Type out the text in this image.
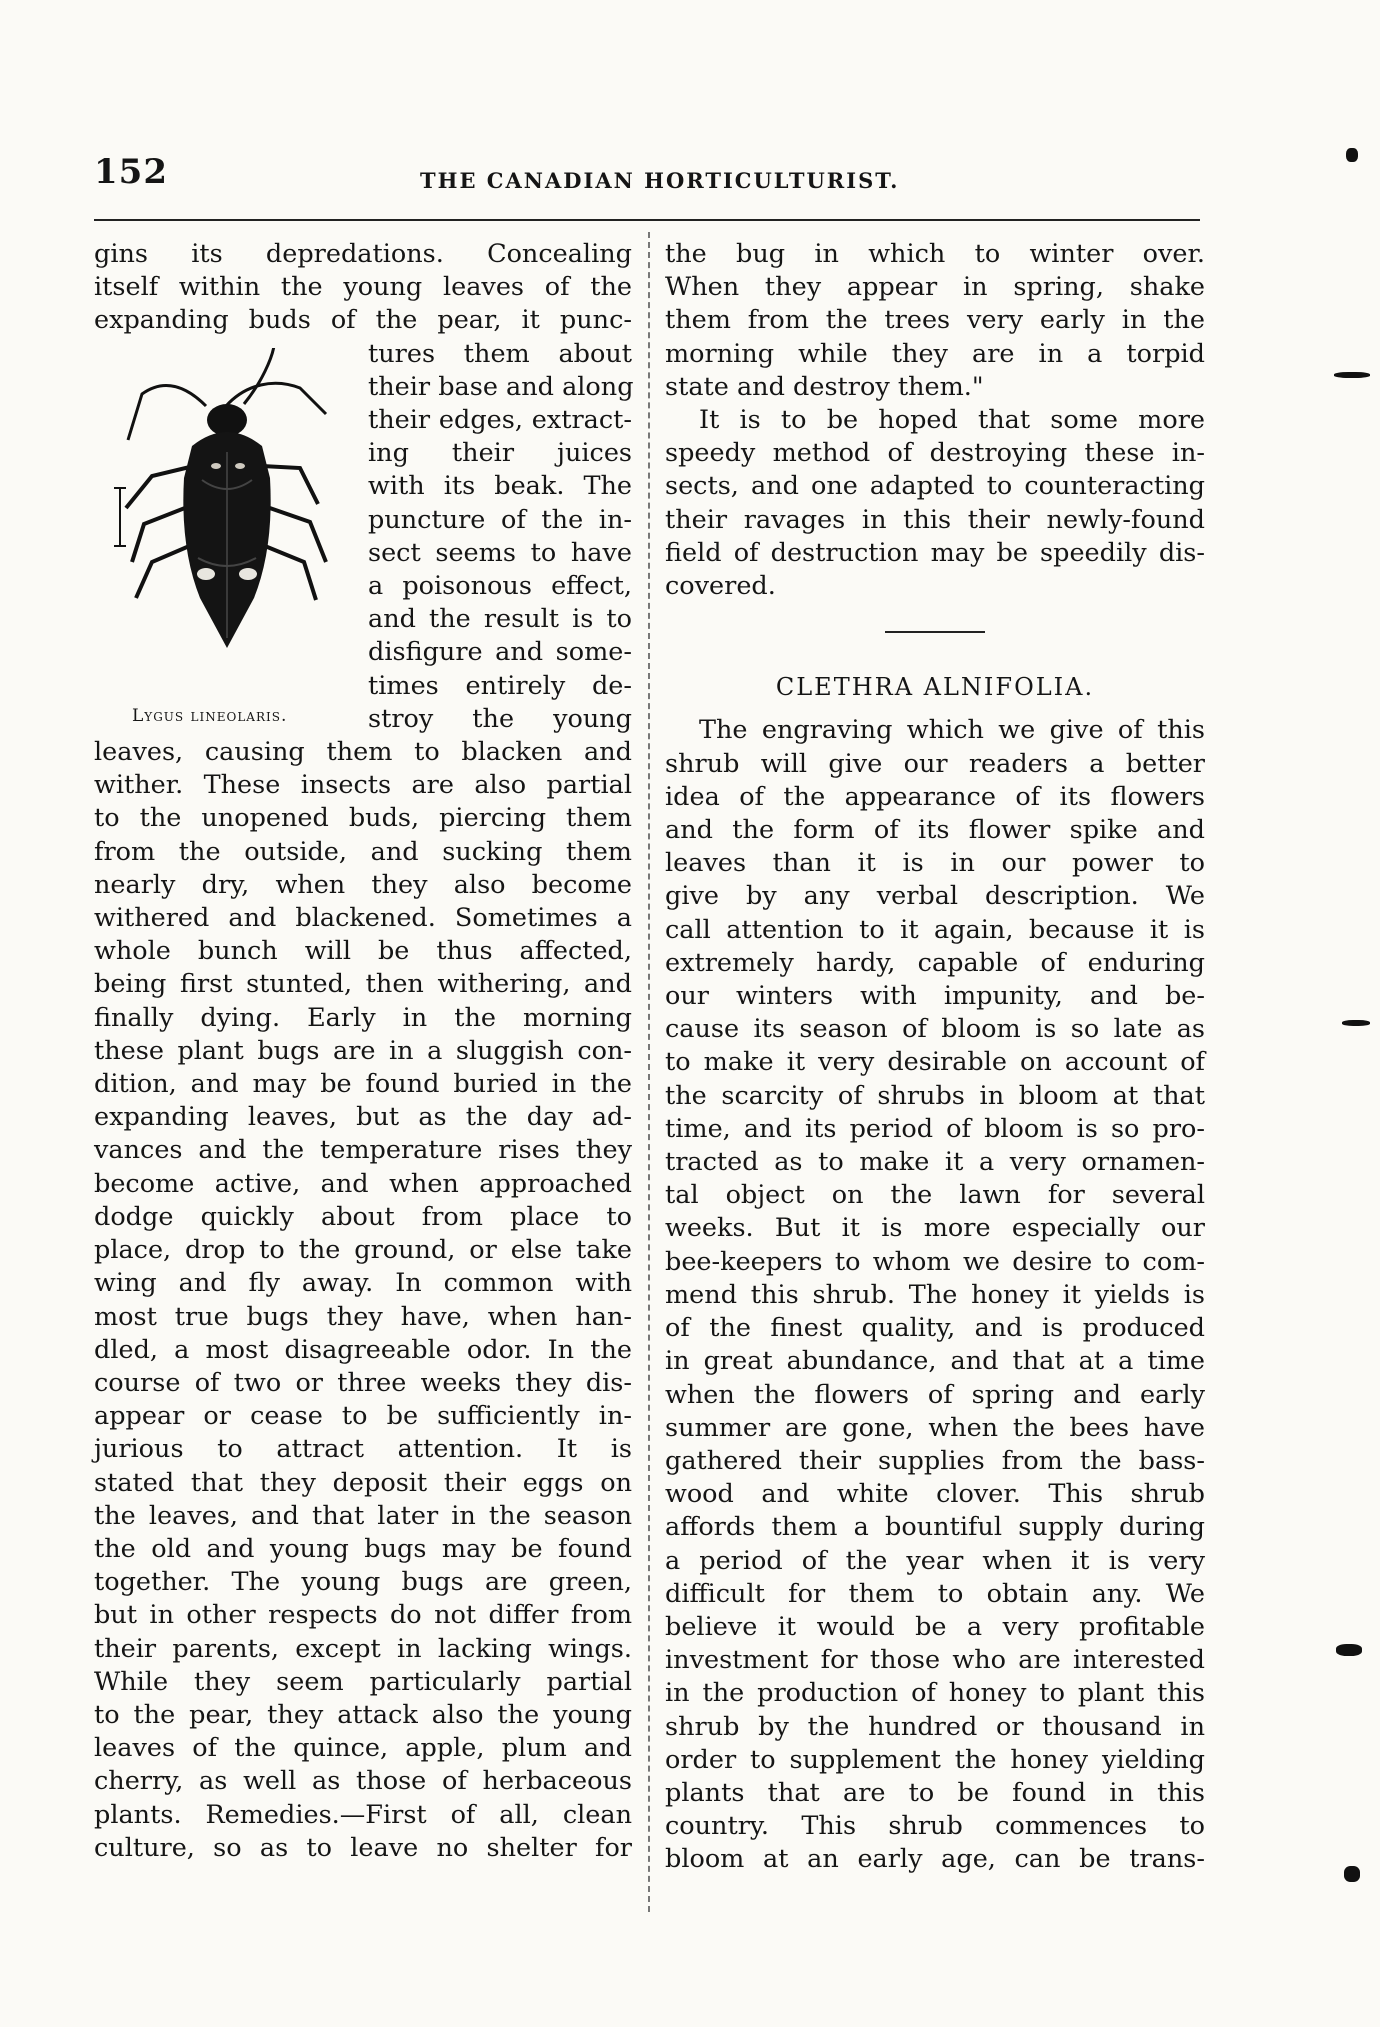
152	THE CANADIAN HORTICULTURIST.
gins its depredations. Concealing
itself within the young leaves of the
expanding buds of the pear, it punc-
tures them about
their base and along
their edges, extract-
ing their juices
with its beak. The
puncture of the in-
sect seems to have
a poisonous effect,
and the result is to
disfigure and some-
times entirely de-
stroy the young
leaves, causing them to blacken and
wither. These insects are also partial
to the unopened buds, piercing them
from the outside, and sucking them
nearly dry, when they also become
withered and blackened. Sometimes a
whole bunch will be thus affected,
being first stunted, then withering, and
finally dying. Early in the morning
these plant bugs are in a sluggish con-
dition, and may be found buried in the
expanding leaves, but as the day ad-
vances and the temperature rises they
become active, and when approached
dodge quickly about from place to
place, drop to the ground, or else take
wing and fly away. In common with
most true bugs they have, when han-
dled, a most disagreeable odor. In the
course of two or three weeks they dis-
appear or cease to be sufficiently in-
jurious to attract attention. It is
stated that they deposit their eggs on
the leaves, and that later in the season
the old and young bugs may be found
together. The young bugs are green,
but in other respects do not differ from
their parents, except in lacking wings.
While they seem particularly partial
to the pear, they attack also the young
leaves of the quince, apple, plum and
cherry, as well as those of herbaceous
plants. Remedies.—First of all, clean
culture, so as to leave no shelter for
Lygus lineolaris.
the bug in which to winter over.
When they appear in spring, shake
them from the trees very early in the
morning while they are in a torpid
state and destroy them."
It is to be hoped that some more
speedy method of destroying these in-
sects, and one adapted to counteracting
their ravages in this their newly-found
field of destruction may be speedily dis-
covered.
CLETHRA ALNIFOLIA.
The engraving which we give of this
shrub will give our readers a better
idea of the appearance of its flowers
and the form of its flower spike and
leaves than it is in our power to
give by any verbal description. We
call attention to it again, because it is
extremely hardy, capable of enduring
our winters with impunity, and be-
cause its season of bloom is so late as
to make it very desirable on account of
the scarcity of shrubs in bloom at that
time, and its period of bloom is so pro-
tracted as to make it a very ornamen-
tal object on the lawn for several
weeks. But it is more especially our
bee-keepers to whom we desire to com-
mend this shrub. The honey it yields is
of the finest quality, and is produced
in great abundance, and that at a time
when the flowers of spring and early
summer are gone, when the bees have
gathered their supplies from the bass-
wood and white clover. This shrub
affords them a bountiful supply during
a period of the year when it is very
difficult for them to obtain any. We
believe it would be a very profitable
investment for those who are interested
in the production of honey to plant this
shrub by the hundred or thousand in
order to supplement the honey yielding
plants that are to be found in this
country. This shrub commences to
bloom at an early age, can be trans-
